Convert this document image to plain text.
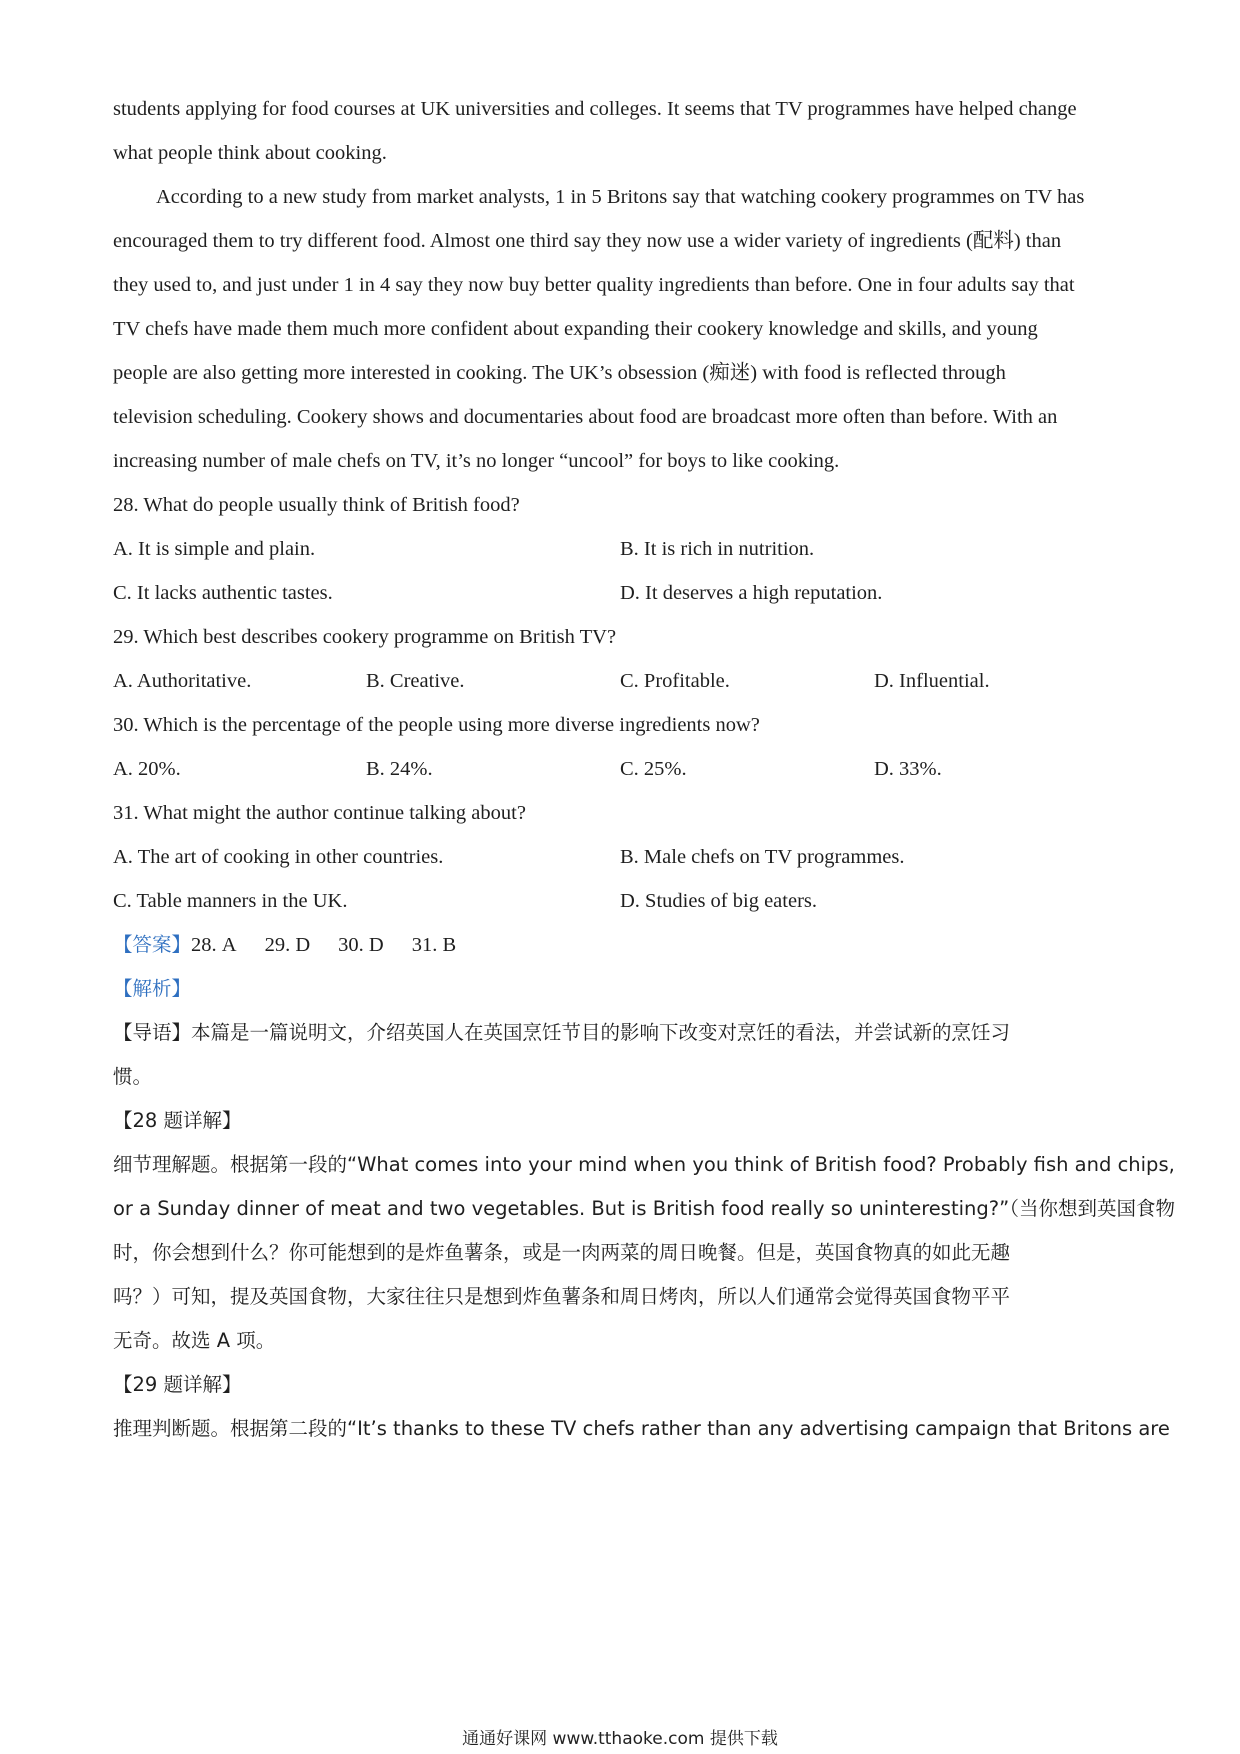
students applying for food courses at UK universities and colleges. It seems that TV programmes have helped change
what people think about cooking.
According to a new study from market analysts, 1 in 5 Britons say that watching cookery programmes on TV has
encouraged them to try different food. Almost one third say they now use a wider variety of ingredients (配料) than
they used to, and just under 1 in 4 say they now buy better quality ingredients than before. One in four adults say that
TV chefs have made them much more confident about expanding their cookery knowledge and skills, and young
people are also getting more interested in cooking. The UK’s obsession (痴迷) with food is reflected through
television scheduling. Cookery shows and documentaries about food are broadcast more often than before. With an
increasing number of male chefs on TV, it’s no longer “uncool” for boys to like cooking.
28. What do people usually think of British food?
A. It is simple and plain.	B. It is rich in nutrition.
C. It lacks authentic tastes.	D. It deserves a high reputation.
29. Which best describes cookery programme on British TV?
A. Authoritative.	B. Creative.	C. Profitable.	D. Influential.
30. Which is the percentage of the people using more diverse ingredients now?
A. 20%.	B. 24%.	C. 25%.	D. 33%.
31. What might the author continue talking about?
A. The art of cooking in other countries.	B. Male chefs on TV programmes.
C. Table manners in the UK.	D. Studies of big eaters.
【答案】28. A 29. D 30. D 31. B
【解析】
【导语】本篇是一篇说明文，介绍英国人在英国烹饪节目的影响下改变对烹饪的看法，并尝试新的烹饪习
惯。
【28 题详解】
细节理解题。根据第一段的“What comes into your mind when you think of British food? Probably fish and chips,
or a Sunday dinner of meat and two vegetables. But is British food really so uninteresting?”（当你想到英国食物
时，你会想到什么？你可能想到的是炸鱼薯条，或是一肉两菜的周日晚餐。但是，英国食物真的如此无趣
吗？）可知，提及英国食物，大家往往只是想到炸鱼薯条和周日烤肉，所以人们通常会觉得英国食物平平
无奇。故选 A 项。
【29 题详解】
推理判断题。根据第二段的“It’s thanks to these TV chefs rather than any advertising campaign that Britons are
通通好课网 www.tthaoke.com 提供下载
